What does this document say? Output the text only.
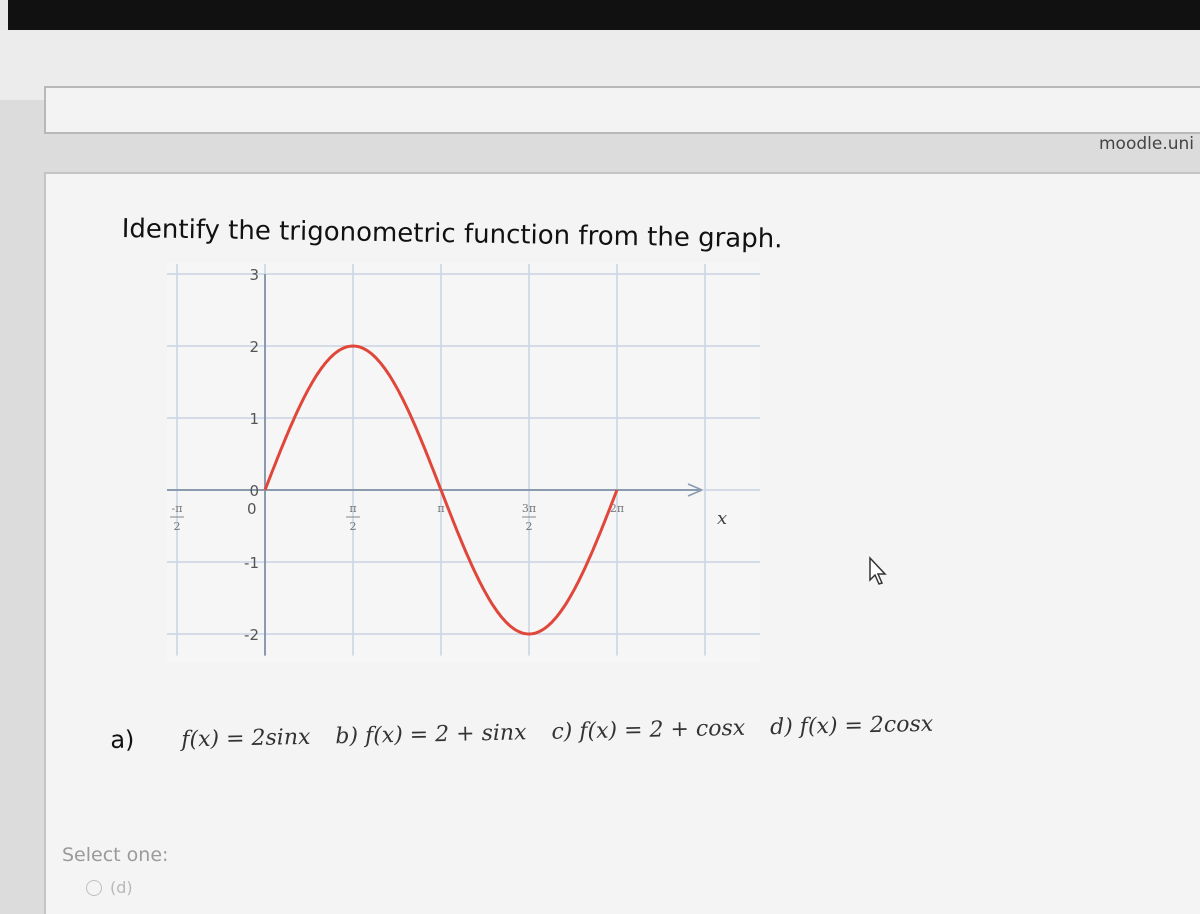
moodle.uni
Identify the trigonometric function from the graph.
3
2
1
0
-1
-2
-π
2
π
2
π	3π
2
2π
0	x
a) f(x) = 2sinx b) f(x) = 2 + sinx c) f(x) = 2 + cosx d) f(x) = 2cosx
Select one:
(d)
